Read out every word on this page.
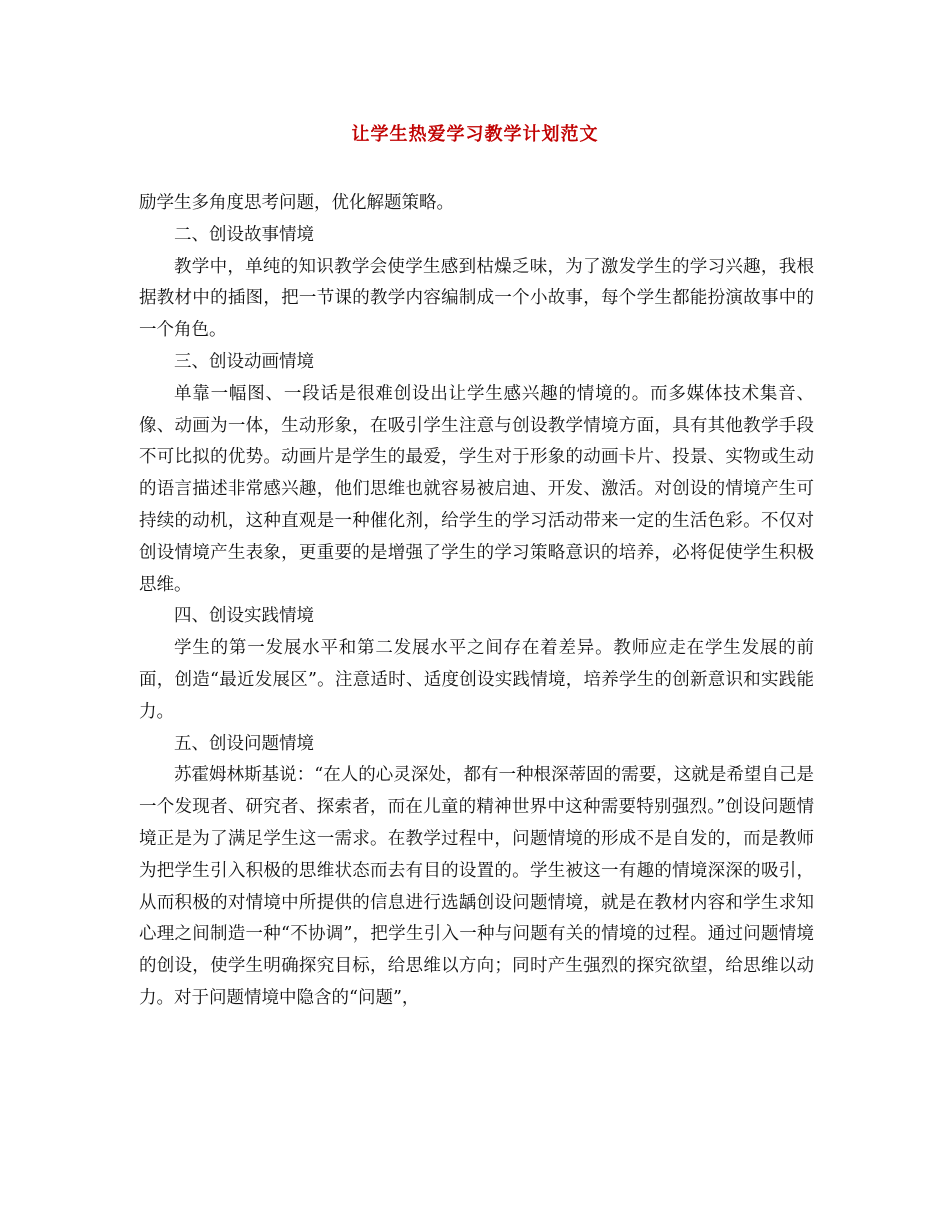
让学生热爱学习教学计划范文

励学生多角度思考问题，优化解题策略。

二、创设故事情境

教学中，单纯的知识教学会使学生感到枯燥乏味，为了激发学生的学习兴趣，我根据教材中的插图，把一节课的教学内容编制成一个小故事，每个学生都能扮演故事中的一个角色。

三、创设动画情境

单靠一幅图、一段话是很难创设出让学生感兴趣的情境的。而多媒体技术集音、像、动画为一体，生动形象，在吸引学生注意与创设教学情境方面，具有其他教学手段不可比拟的优势。动画片是学生的最爱，学生对于形象的动画卡片、投景、实物或生动的语言描述非常感兴趣，他们思维也就容易被启迪、开发、激活。对创设的情境产生可持续的动机，这种直观是一种催化剂，给学生的学习活动带来一定的生活色彩。不仅对创设情境产生表象，更重要的是增强了学生的学习策略意识的培养，必将促使学生积极思维。

四、创设实践情境

学生的第一发展水平和第二发展水平之间存在着差异。教师应走在学生发展的前面，创造“最近发展区”。注意适时、适度创设实践情境，培养学生的创新意识和实践能力。

五、创设问题情境

苏霍姆林斯基说：“在人的心灵深处，都有一种根深蒂固的需要，这就是希望自己是一个发现者、研究者、探索者，而在儿童的精神世界中这种需要特别强烈。”创设问题情境正是为了满足学生这一需求。在教学过程中，问题情境的形成不是自发的，而是教师为把学生引入积极的思维状态而去有目的设置的。学生被这一有趣的情境深深的吸引，从而积极的对情境中所提供的信息进行选龋创设问题情境，就是在教材内容和学生求知心理之间制造一种“不协调”，把学生引入一种与问题有关的情境的过程。通过问题情境的创设，使学生明确探究目标，给思维以方向；同时产生强烈的探究欲望，给思维以动力。对于问题情境中隐含的“问题”，
